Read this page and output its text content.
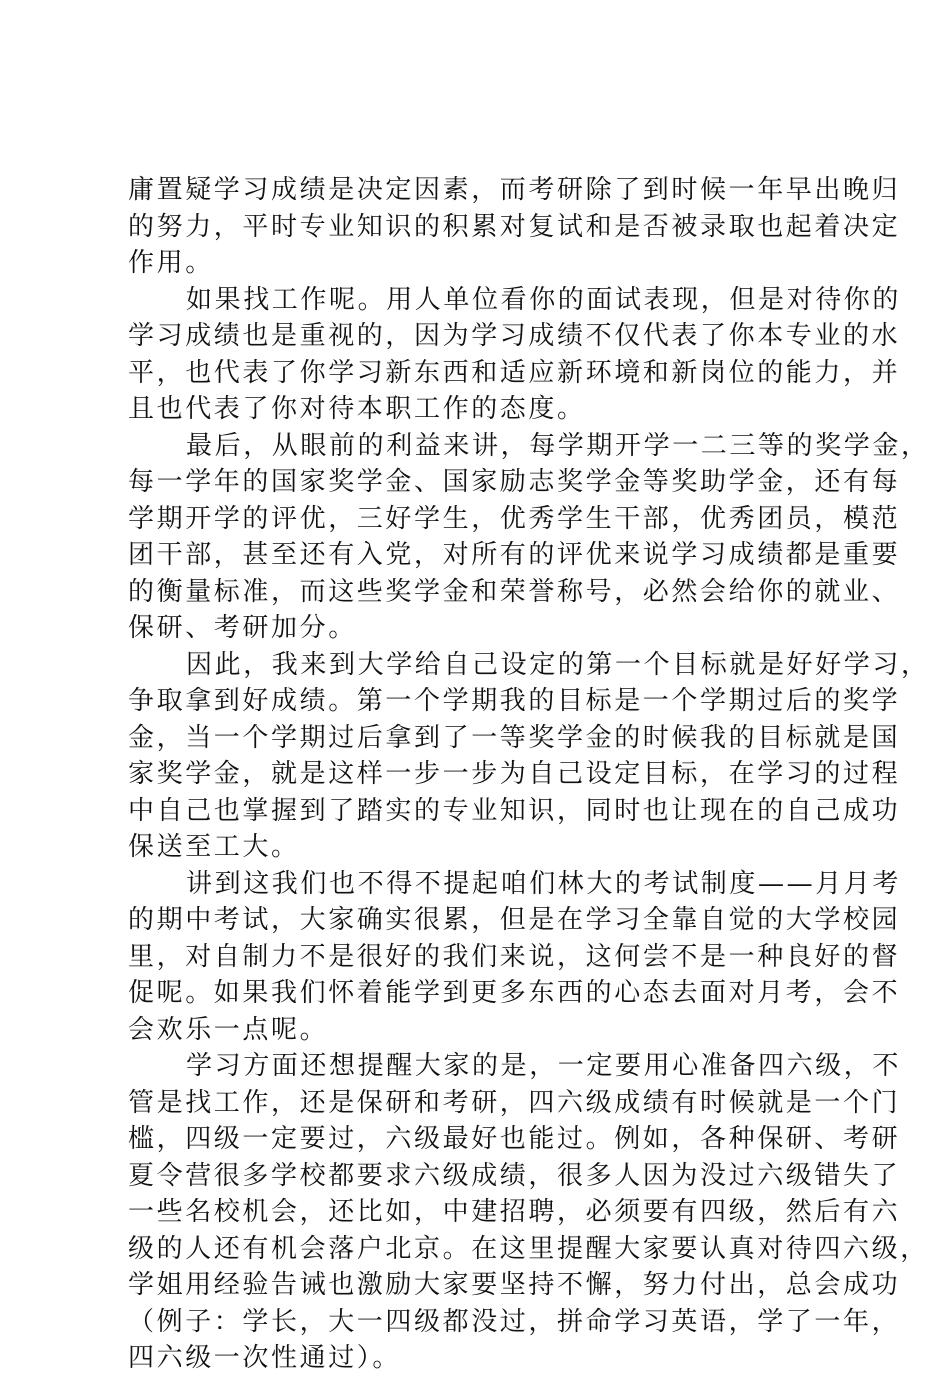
庸置疑学习成绩是决定因素，而考研除了到时候一年早出晚归
的努力，平时专业知识的积累对复试和是否被录取也起着决定
作用。
如果找工作呢。用人单位看你的面试表现，但是对待你的
学习成绩也是重视的，因为学习成绩不仅代表了你本专业的水
平，也代表了你学习新东西和适应新环境和新岗位的能力，并
且也代表了你对待本职工作的态度。
最后，从眼前的利益来讲，每学期开学一二三等的奖学金，
每一学年的国家奖学金、国家励志奖学金等奖助学金，还有每
学期开学的评优，三好学生，优秀学生干部，优秀团员，模范
团干部，甚至还有入党，对所有的评优来说学习成绩都是重要
的衡量标准，而这些奖学金和荣誉称号，必然会给你的就业、
保研、考研加分。
因此，我来到大学给自己设定的第一个目标就是好好学习，
争取拿到好成绩。第一个学期我的目标是一个学期过后的奖学
金，当一个学期过后拿到了一等奖学金的时候我的目标就是国
家奖学金，就是这样一步一步为自己设定目标，在学习的过程
中自己也掌握到了踏实的专业知识，同时也让现在的自己成功
保送至工大。
讲到这我们也不得不提起咱们林大的考试制度——月月考
的期中考试，大家确实很累，但是在学习全靠自觉的大学校园
里，对自制力不是很好的我们来说，这何尝不是一种良好的督
促呢。如果我们怀着能学到更多东西的心态去面对月考，会不
会欢乐一点呢。
学习方面还想提醒大家的是，一定要用心准备四六级，不
管是找工作，还是保研和考研，四六级成绩有时候就是一个门
槛，四级一定要过，六级最好也能过。例如，各种保研、考研
夏令营很多学校都要求六级成绩，很多人因为没过六级错失了
一些名校机会，还比如，中建招聘，必须要有四级，然后有六
级的人还有机会落户北京。在这里提醒大家要认真对待四六级，
学姐用经验告诫也激励大家要坚持不懈，努力付出，总会成功
（例子：学长，大一四级都没过，拼命学习英语，学了一年，
四六级一次性通过）。
